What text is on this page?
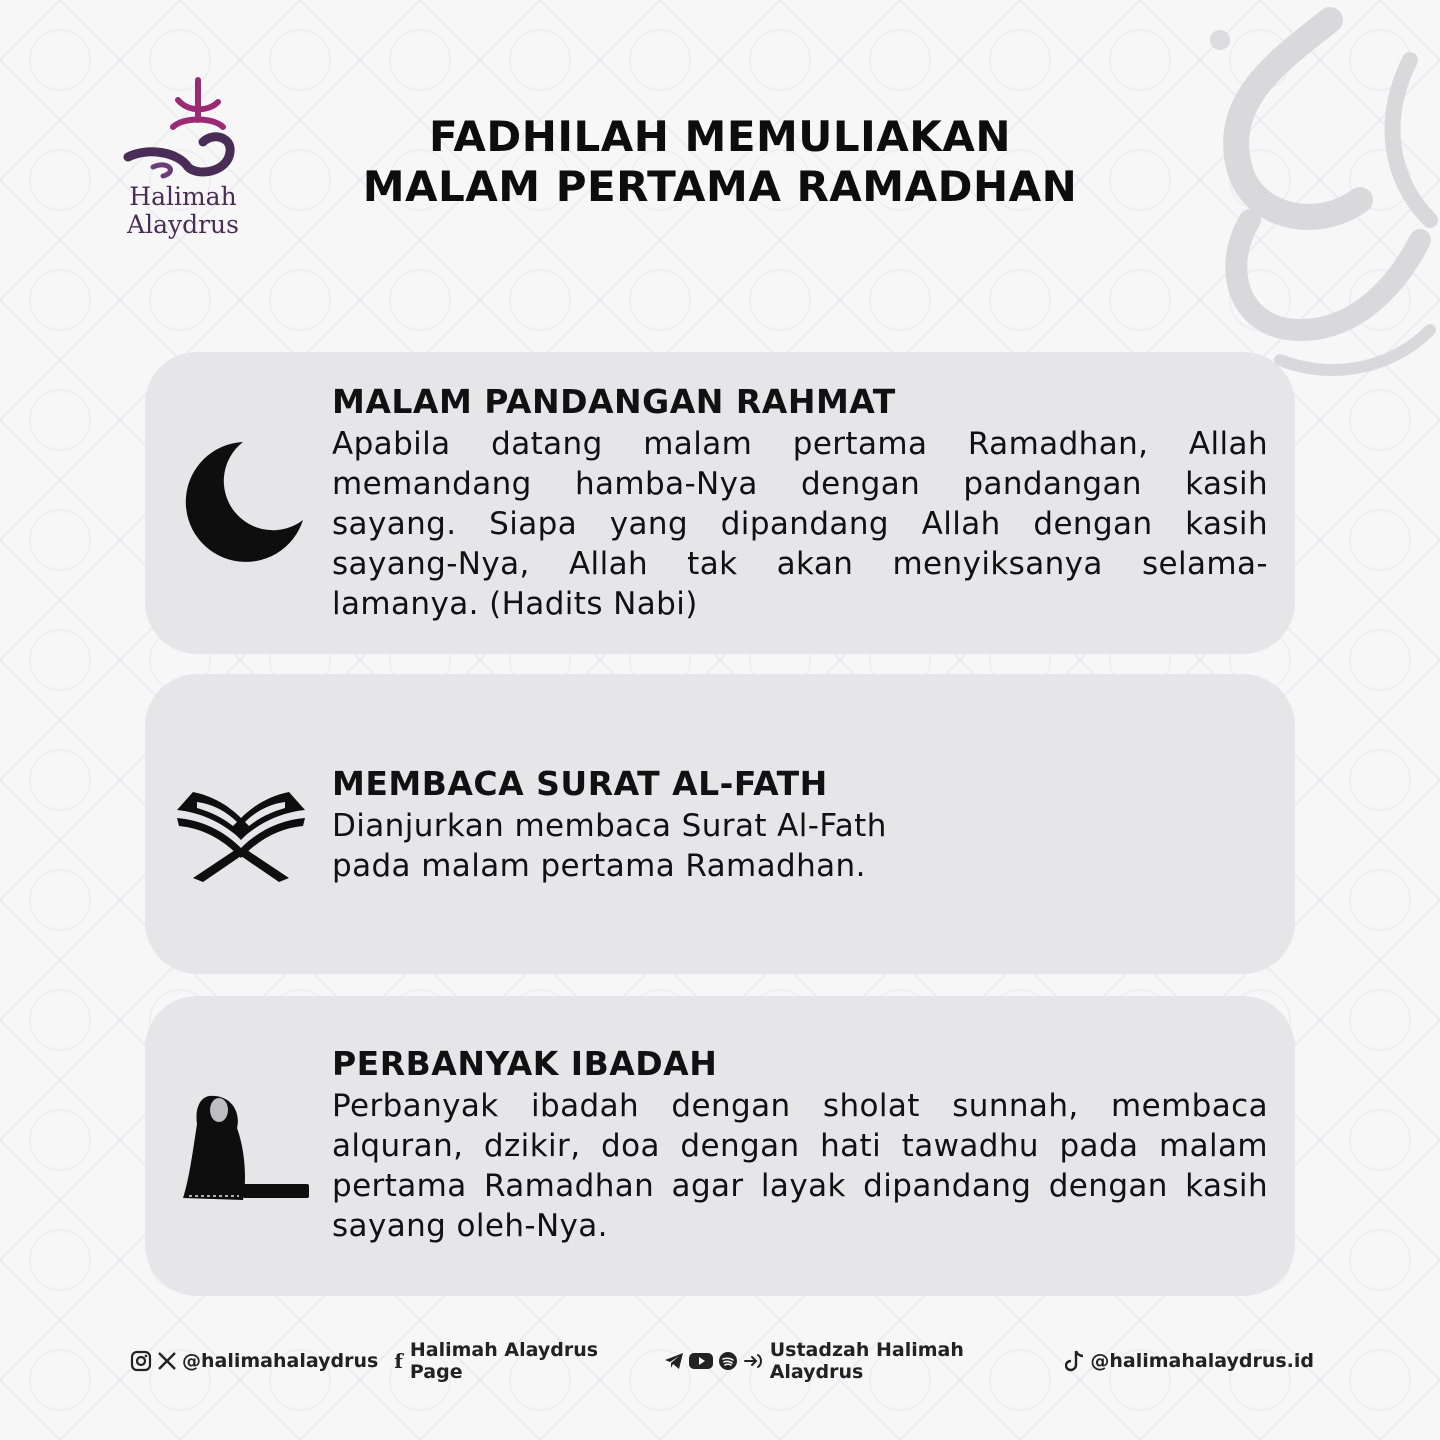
Halimah
Alaydrus
FADHILAH MEMULIAKAN
MALAM PERTAMA RAMADHAN
MALAM PANDANGAN RAHMAT

Apabila datang malam pertama Ramadhan, Allah memandang hamba-Nya dengan pandangan kasih sayang. Siapa yang dipandang Allah dengan kasih sayang-Nya, Allah tak akan menyiksanya selama-lamanya. (Hadits Nabi)

MEMBACA SURAT AL-FATH

Dianjurkan membaca Surat Al-Fath

pada malam pertama Ramadhan.

PERBANYAK IBADAH

Perbanyak ibadah dengan sholat sunnah, membaca alquran, dzikir, doa dengan hati tawadhu pada malam pertama Ramadhan agar layak dipandang dengan kasih sayang oleh-Nya.

@halimahalaydrus f Halimah Alaydrus Page
Ustadzah Halimah Alaydrus	@halimahalaydrus.id
